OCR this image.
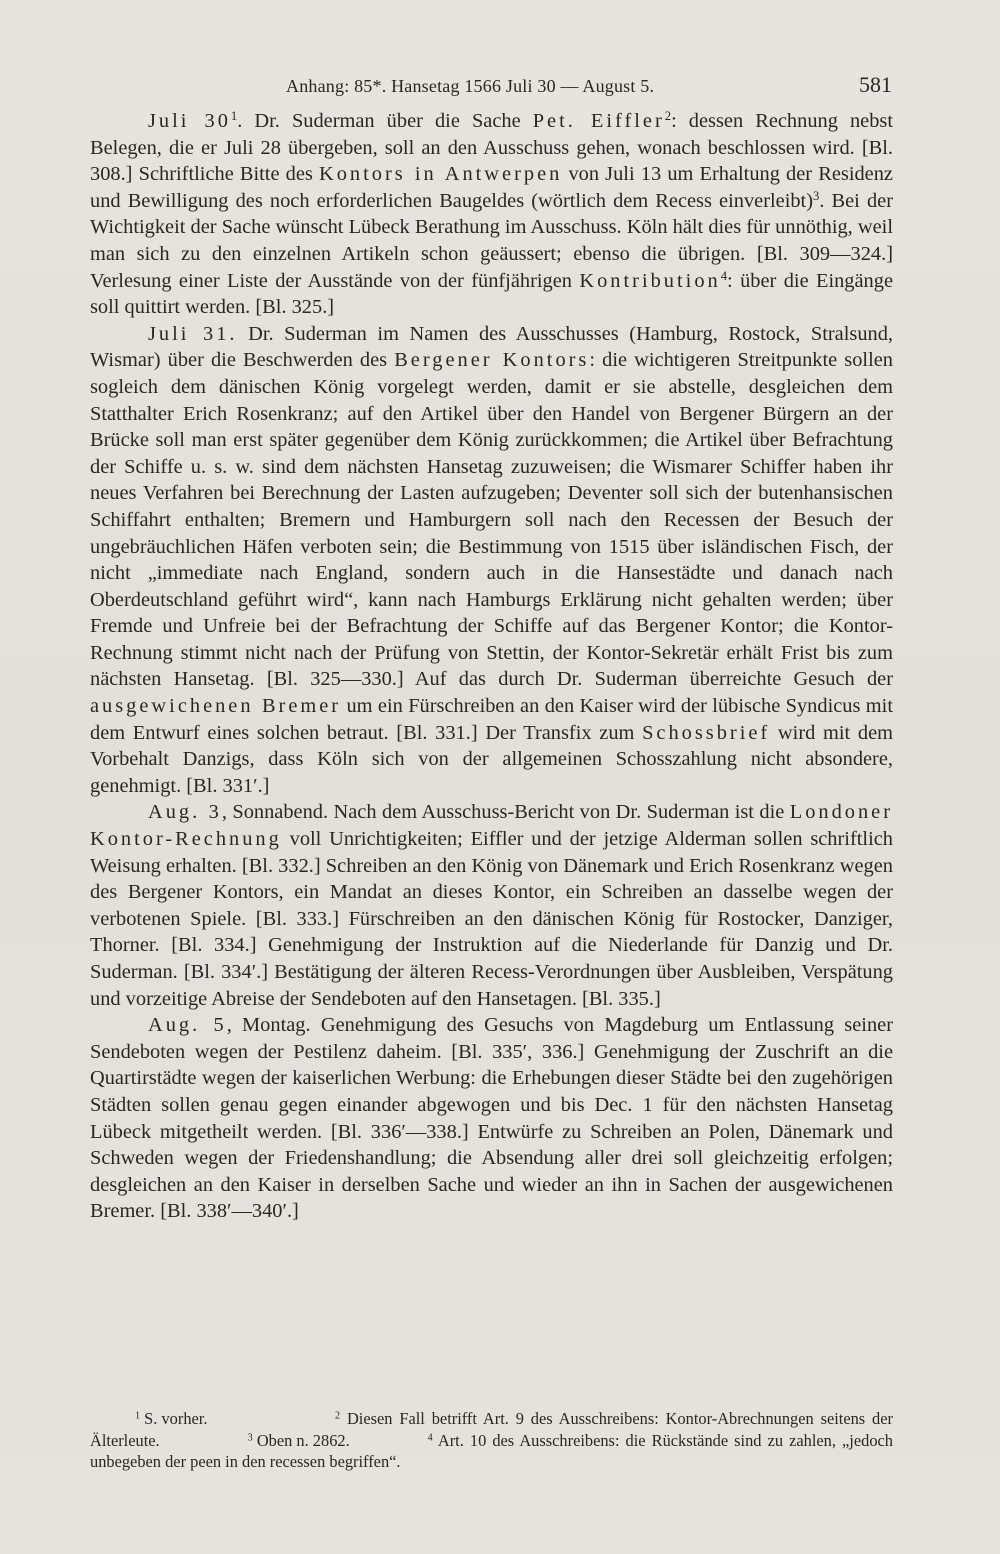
Anhang: 85*. Hansetag 1566 Juli 30 — August 5.	581

Juli $30^1$. Dr. Suderman über die Sache Pet. Eiffler$^2$: dessen Rechnung nebst Belegen, die er Juli 28 übergeben, soll an den Ausschuss gehen, wonach beschlossen wird. [Bl. 308.] Schriftliche Bitte des Kontors in Antwerpen von Juli 13 um Erhaltung der Residenz und Bewilligung des noch erforderlichen Baugeldes (wörtlich dem Recess einverleibt)$^3$. Bei der Wichtigkeit der Sache wünscht Lübeck Berathung im Ausschuss. Köln hält dies für unnöthig, weil man sich zu den einzelnen Artikeln schon geäussert; ebenso die übrigen. [Bl. 309—324.] Verlesung einer Liste der Ausstände von der fünfjährigen Kontribution$^4$: über die Eingänge soll quittirt werden. [Bl. 325.]

Juli 31. Dr. Suderman im Namen des Ausschusses (Hamburg, Rostock, Stralsund, Wismar) über die Beschwerden des Bergener Kontors: die wichtigeren Streitpunkte sollen sogleich dem dänischen König vorgelegt werden, damit er sie abstelle, desgleichen dem Statthalter Erich Rosenkranz; auf den Artikel über den Handel von Bergener Bürgern an der Brücke soll man erst später gegenüber dem König zurückkommen; die Artikel über Befrachtung der Schiffe u. s. w. sind dem nächsten Hansetag zuzuweisen; die Wismarer Schiffer haben ihr neues Verfahren bei Berechnung der Lasten aufzugeben; Deventer soll sich der butenhansischen Schiffahrt enthalten; Bremern und Hamburgern soll nach den Recessen der Besuch der ungebräuchlichen Häfen verboten sein; die Bestimmung von 1515 über isländischen Fisch, der nicht „immediate nach England, sondern auch in die Hansestädte und danach nach Oberdeutschland geführt wird“, kann nach Hamburgs Erklärung nicht gehalten werden; über Fremde und Unfreie bei der Befrachtung der Schiffe auf das Bergener Kontor; die Kontor-Rechnung stimmt nicht nach der Prüfung von Stettin, der Kontor-Sekretär erhält Frist bis zum nächsten Hansetag. [Bl. 325—330.] Auf das durch Dr. Suderman überreichte Gesuch der ausgewichenen Bremer um ein Fürschreiben an den Kaiser wird der lübische Syndicus mit dem Entwurf eines solchen betraut. [Bl. 331.] Der Transfix zum Schossbrief wird mit dem Vorbehalt Danzigs, dass Köln sich von der allgemeinen Schosszahlung nicht absondere, genehmigt. [Bl. 331′.]

Aug. 3, Sonnabend. Nach dem Ausschuss-Bericht von Dr. Suderman ist die Londoner Kontor-Rechnung voll Unrichtigkeiten; Eiffler und der jetzige Alderman sollen schriftlich Weisung erhalten. [Bl. 332.] Schreiben an den König von Dänemark und Erich Rosenkranz wegen des Bergener Kontors, ein Mandat an dieses Kontor, ein Schreiben an dasselbe wegen der verbotenen Spiele. [Bl. 333.] Fürschreiben an den dänischen König für Rostocker, Danziger, Thorner. [Bl. 334.] Genehmigung der Instruktion auf die Niederlande für Danzig und Dr. Suderman. [Bl. 334′.] Bestätigung der älteren Recess-Verordnungen über Ausbleiben, Verspätung und vorzeitige Abreise der Sendeboten auf den Hansetagen. [Bl. 335.]

Aug. 5, Montag. Genehmigung des Gesuchs von Magdeburg um Entlassung seiner Sendeboten wegen der Pestilenz daheim. [Bl. 335′, 336.] Genehmigung der Zuschrift an die Quartirstädte wegen der kaiserlichen Werbung: die Erhebungen dieser Städte bei den zugehörigen Städten sollen genau gegen einander abgewogen und bis Dec. 1 für den nächsten Hansetag Lübeck mitgetheilt werden. [Bl. 336′—338.] Entwürfe zu Schreiben an Polen, Dänemark und Schweden wegen der Friedenshandlung; die Absendung aller drei soll gleichzeitig erfolgen; desgleichen an den Kaiser in derselben Sache und wieder an ihn in Sachen der ausgewichenen Bremer. [Bl. 338′—340′.]

$^1$ S. vorher.	$^2$ Diesen Fall betrifft Art. 9 des Ausschreibens: Kontor-Abrechnungen seitens der Älterleute.	$^3$ Oben n. 2862.	$^4$ Art. 10 des Ausschreibens: die Rückstände sind zu zahlen, „jedoch unbegeben der peen in den recessen begriffen“.
